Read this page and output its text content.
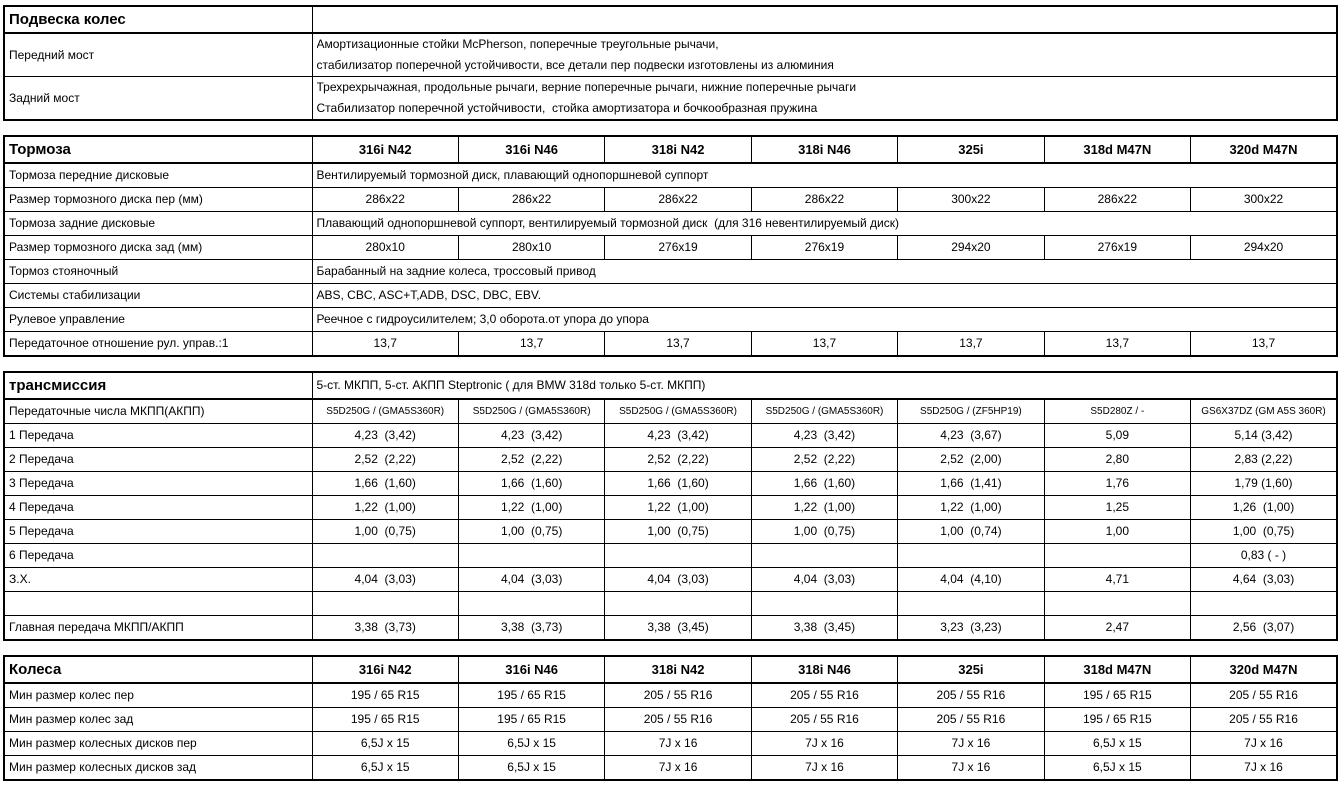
Подвеска колес	
Передний мост	Амортизационные стойки McPherson, поперечные треугольные рычачи,
стабилизатор поперечной устойчивости, все детали пер подвески изготовлены из алюминия

Задний мост	Трехрехрычажная, продольные рычаги, верние поперечные рычаги, нижние поперечные рычаги
Стабилизатор поперечной устойчивости,  стойка амортизатора и бочкообразная пружина
Тормоза	316i N42	316i N46	318i N42	318i N46	325i	318d M47N	320d M47N
Тормоза передние дисковые	Вентилируемый тормозной диск, плавающий однопоршневой суппорт						
Размер тормозного диска пер (мм)	286x22	286x22	286x22	286x22	300x22	286x22	300x22
Тормоза задние дисковые	Плавающий однопоршневой суппорт, вентилируемый тормозной диск  (для 316 невентилируемый диск)						
Размер тормозного диска зад (мм)	280x10	280x10	276x19	276x19	294x20	276x19	294x20
Тормоз стояночный	Барабанный на задние колеса, троссовый привод						
Системы стабилизации	ABS, CBC, ASC+T,ADB, DSC, DBC, EBV.						
Рулевое управление	Реечное с гидроусилителем; 3,0 оборота.от упора до упора						
Передаточное отношение рул. управ.:1	13,7	13,7	13,7	13,7	13,7	13,7	13,7
трансмиссия	5-ст. МКПП, 5-ст. АКПП Steptronic ( для BMW 318d только 5-ст. МКПП)						
Передаточные числа МКПП(АКПП)	S5D250G / (GMA5S360R)	S5D250G / (GMA5S360R)	S5D250G / (GMA5S360R)	S5D250G / (GMA5S360R)	S5D250G / (ZF5HP19)	S5D280Z / -	GS6X37DZ (GM A5S 360R)
1 Передача	4,23  (3,42)	4,23  (3,42)	4,23  (3,42)	4,23  (3,42)	4,23  (3,67)	5,09	5,14 (3,42)
2 Передача	2,52  (2,22)	2,52  (2,22)	2,52  (2,22)	2,52  (2,22)	2,52  (2,00)	2,80	2,83 (2,22)
3 Передача	1,66  (1,60)	1,66  (1,60)	1,66  (1,60)	1,66  (1,60)	1,66  (1,41)	1,76	1,79 (1,60)
4 Передача	1,22  (1,00)	1,22  (1,00)	1,22  (1,00)	1,22  (1,00)	1,22  (1,00)	1,25	1,26  (1,00)
5 Передача	1,00  (0,75)	1,00  (0,75)	1,00  (0,75)	1,00  (0,75)	1,00  (0,74)	1,00	1,00  (0,75)
6 Передача							0,83 ( - )
З.Х.	4,04  (3,03)	4,04  (3,03)	4,04  (3,03)	4,04  (3,03)	4,04  (4,10)	4,71	4,64  (3,03)

Главная передача МКПП/АКПП	3,38  (3,73)	3,38  (3,73)	3,38  (3,45)	3,38  (3,45)	3,23  (3,23)	2,47	2,56  (3,07)
Колеса	316i N42	316i N46	318i N42	318i N46	325i	318d M47N	320d M47N
Мин размер колес пер	195 / 65 R15	195 / 65 R15	205 / 55 R16	205 / 55 R16	205 / 55 R16	195 / 65 R15	205 / 55 R16
Мин размер колес зад	195 / 65 R15	195 / 65 R15	205 / 55 R16	205 / 55 R16	205 / 55 R16	195 / 65 R15	205 / 55 R16
Мин размер колесных дисков пер	6,5J x 15	6,5J x 15	7J x 16	7J x 16	7J x 16	6,5J x 15	7J x 16
Мин размер колесных дисков зад	6,5J x 15	6,5J x 15	7J x 16	7J x 16	7J x 16	6,5J x 15	7J x 16
